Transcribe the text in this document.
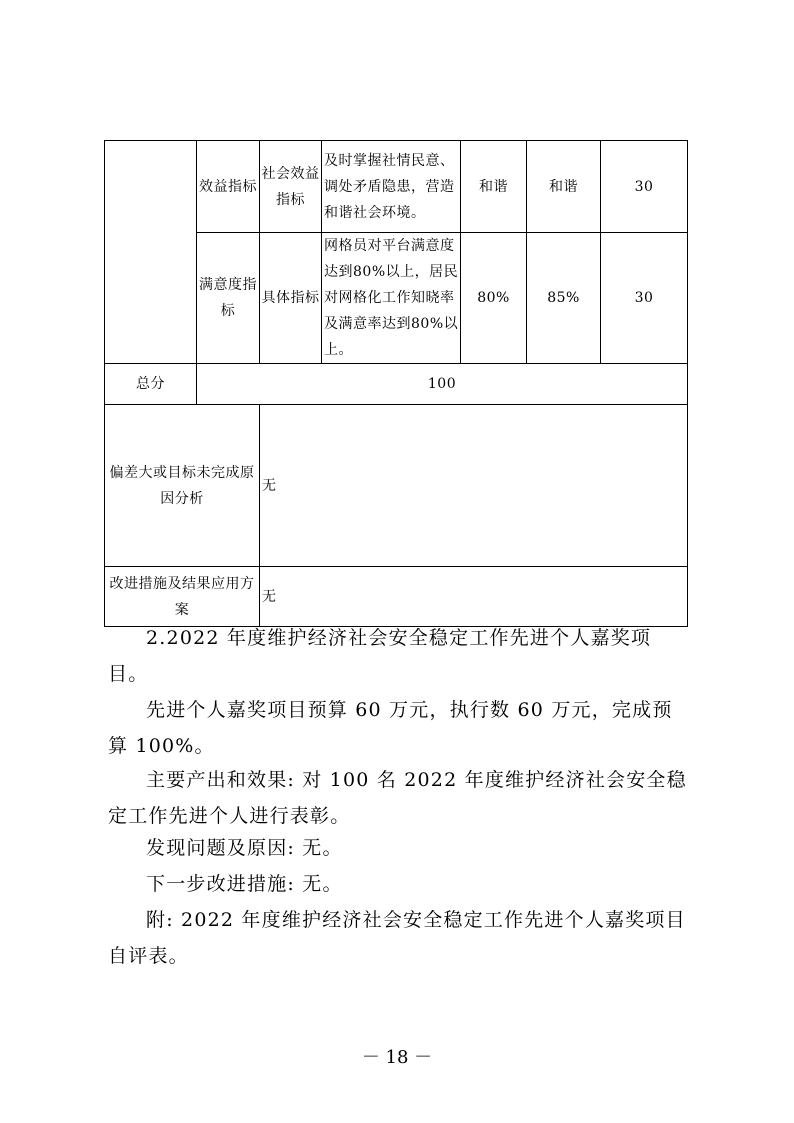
	效益指标	社会效益指标	及时掌握社情民意、调处矛盾隐患，营造和谐社会环境。	和谐	和谐	30
	满意度指标	具体指标	网格员对平台满意度达到80%以上，居民对网格化工作知晓率及满意率达到80%以上。	80%	85%	30
总分	100					
偏差大或目标未完成原因分析		无				
改进措施及结果应用方案		无				

2.2022 年度维护经济社会安全稳定工作先进个人嘉奖项目。

先进个人嘉奖项目预算 60 万元，执行数 60 万元，完成预算 100%。

主要产出和效果: 对 100 名 2022 年度维护经济社会安全稳定工作先进个人进行表彰。

发现问题及原因: 无。

下一步改进措施: 无。

附: 2022 年度维护经济社会安全稳定工作先进个人嘉奖项目自评表。

－ 18 －
